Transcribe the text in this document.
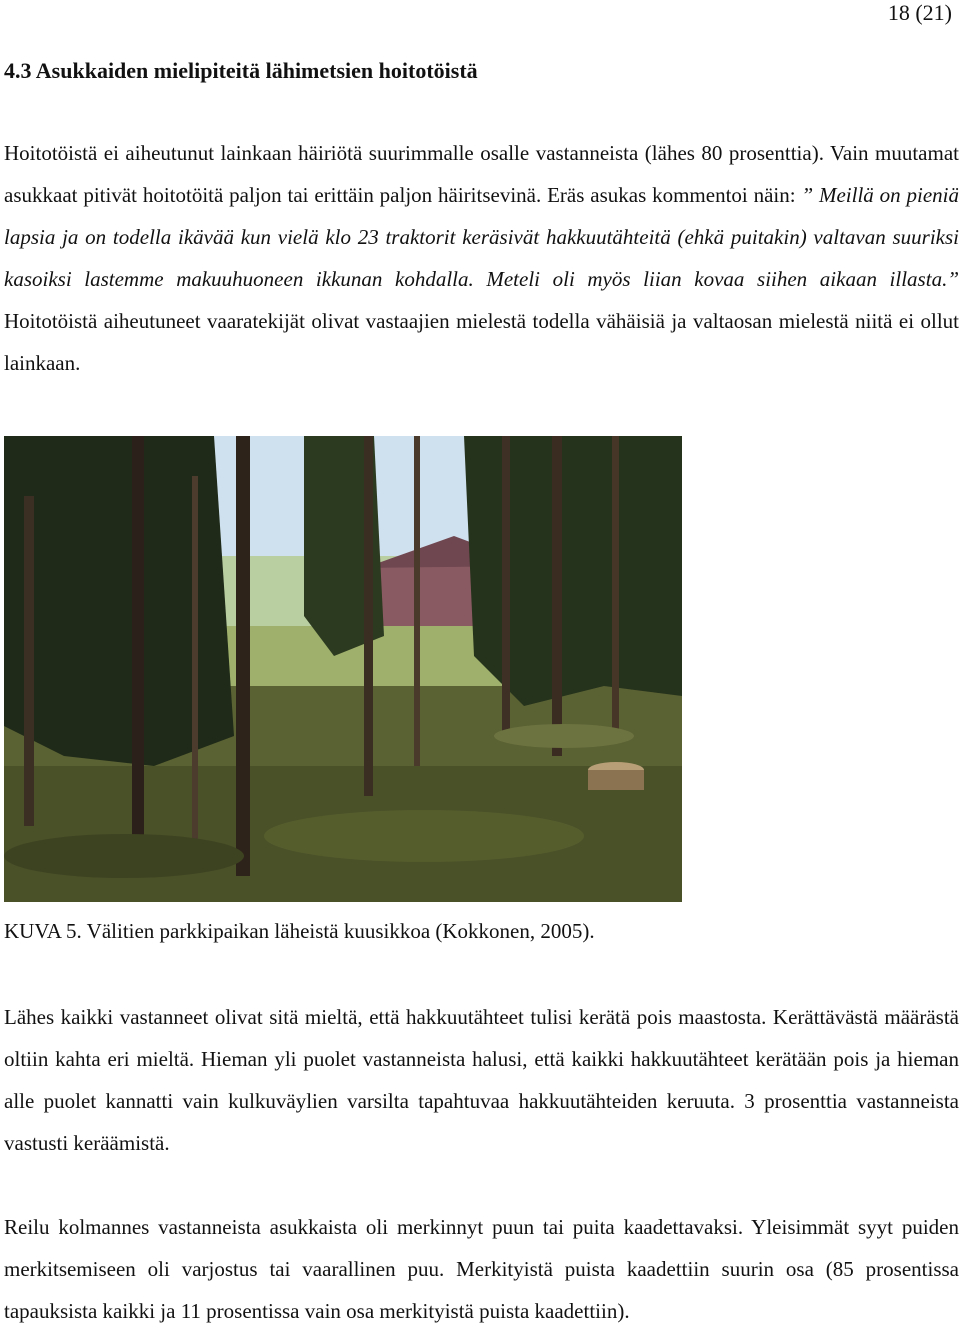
18 (21)
4.3 Asukkaiden mielipiteitä lähimetsien hoitotöistä

Hoitotöistä ei aiheutunut lainkaan häiriötä suurimmalle osalle vastanneista (lähes 80 prosenttia). Vain muutamat asukkaat pitivät hoitotöitä paljon tai erittäin paljon häiritsevinä. Eräs asukas kommentoi näin: ” Meillä on pieniä lapsia ja on todella ikävää kun vielä klo 23 traktorit keräsivät hakkuutähteitä (ehkä puitakin) valtavan suuriksi kasoiksi lastemme makuuhuoneen ikkunan kohdalla. Meteli oli myös liian kovaa siihen aikaan illasta.” Hoitotöistä aiheutuneet vaaratekijät olivat vastaajien mielestä todella vähäisiä ja valtaosan mielestä niitä ei ollut lainkaan.

KUVA 5. Välitien parkkipaikan läheistä kuusikkoa (Kokkonen, 2005).

Lähes kaikki vastanneet olivat sitä mieltä, että hakkuutähteet tulisi kerätä pois maastosta. Kerättävästä määrästä oltiin kahta eri mieltä. Hieman yli puolet vastanneista halusi, että kaikki hakkuutähteet kerätään pois ja hieman alle puolet kannatti vain kulkuväylien varsilta tapahtuvaa hakkuutähteiden keruuta. 3 prosenttia vastanneista vastusti keräämistä.

Reilu kolmannes vastanneista asukkaista oli merkinnyt puun tai puita kaadettavaksi. Yleisimmät syyt puiden merkitsemiseen oli varjostus tai vaarallinen puu. Merkityistä puista kaadettiin suurin osa (85 prosentissa tapauksista kaikki ja 11 prosentissa vain osa merkityistä puista kaadettiin).
